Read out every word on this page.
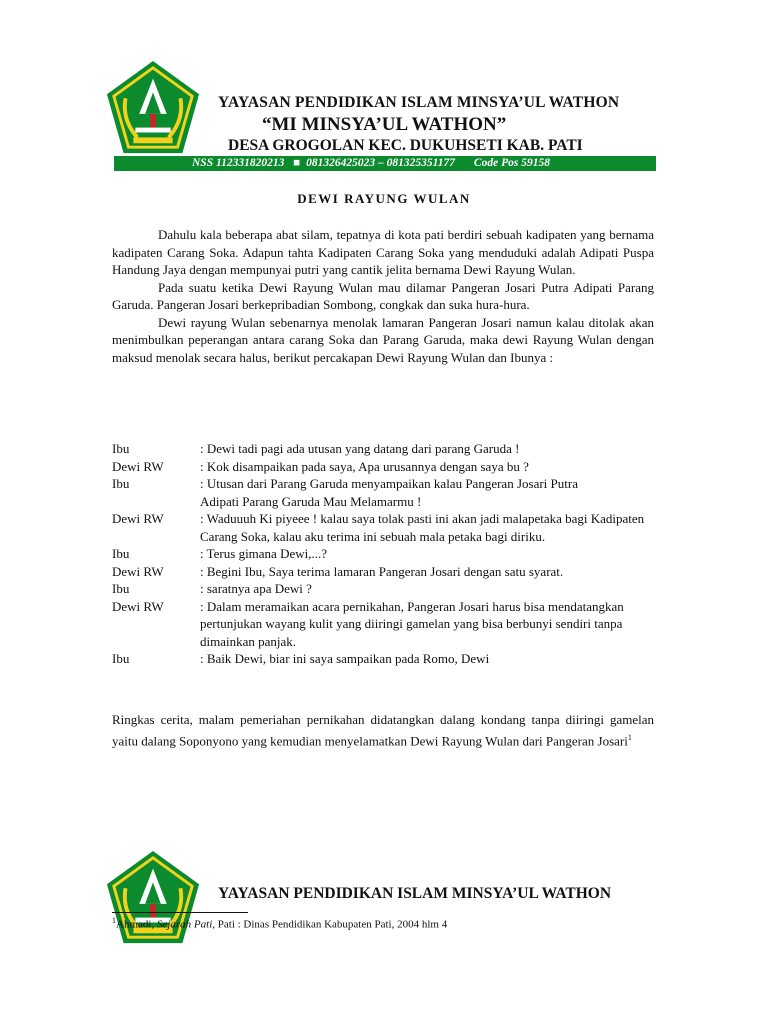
YAYASAN PENDIDIKAN ISLAM MINSYA’UL WATHON
“MI MINSYA’UL WATHON”
DESA GROGOLAN KEC. DUKUHSETI KAB. PATI
NSS 112331820213 ■ 081326425023 – 081325351177 Code Pos 59158
DEWI RAYUNG WULAN

Dahulu kala beberapa abat silam, tepatnya di kota pati berdiri sebuah kadipaten yang bernama kadipaten Carang Soka. Adapun tahta Kadipaten Carang Soka yang menduduki adalah Adipati Puspa Handung Jaya dengan mempunyai putri yang cantik jelita bernama Dewi Rayung Wulan.

Pada suatu ketika Dewi Rayung Wulan mau dilamar Pangeran Josari Putra Adipati Parang Garuda. Pangeran Josari berkepribadian Sombong, congkak dan suka hura-hura.

Dewi rayung Wulan sebenarnya menolak lamaran Pangeran Josari namun kalau ditolak akan menimbulkan peperangan antara carang Soka dan Parang Garuda, maka dewi Rayung Wulan dengan maksud menolak secara halus, berikut percakapan Dewi Rayung Wulan dan Ibunya :

Ibu	: Dewi tadi pagi ada utusan yang datang dari parang Garuda !
Dewi RW	: Kok disampaikan pada saya, Apa urusannya dengan saya bu ?
Ibu	: Utusan dari Parang Garuda menyampaikan kalau Pangeran Josari Putra Adipati Parang Garuda Mau Melamarmu !
Dewi RW	: Waduuuh Ki piyeee ! kalau saya tolak pasti ini akan jadi malapetaka bagi Kadipaten Carang Soka, kalau aku terima ini sebuah mala petaka bagi diriku.
Ibu	: Terus gimana Dewi,...?
Dewi RW	: Begini Ibu, Saya terima lamaran Pangeran Josari dengan satu syarat.
Ibu	: saratnya apa Dewi ?
Dewi RW	: Dalam meramaikan acara pernikahan, Pangeran Josari harus bisa mendatangkan pertunjukan wayang kulit yang diiringi gamelan yang bisa berbunyi sendiri tanpa dimainkan panjak.
Ibu	: Baik Dewi, biar ini saya sampaikan pada Romo, Dewi
Ringkas cerita, malam pemeriahan pernikahan didatangkan dalang kondang tanpa diiringi gamelan yaitu dalang Soponyono yang kemudian menyelamatkan Dewi Rayung Wulan dari Pangeran Josari$^1$
YAYASAN PENDIDIKAN ISLAM MINSYA’UL WATHON
$^1$Ahmadi, Sejarah Pati, Pati : Dinas Pendidikan Kabupaten Pati, 2004 hlm 4
